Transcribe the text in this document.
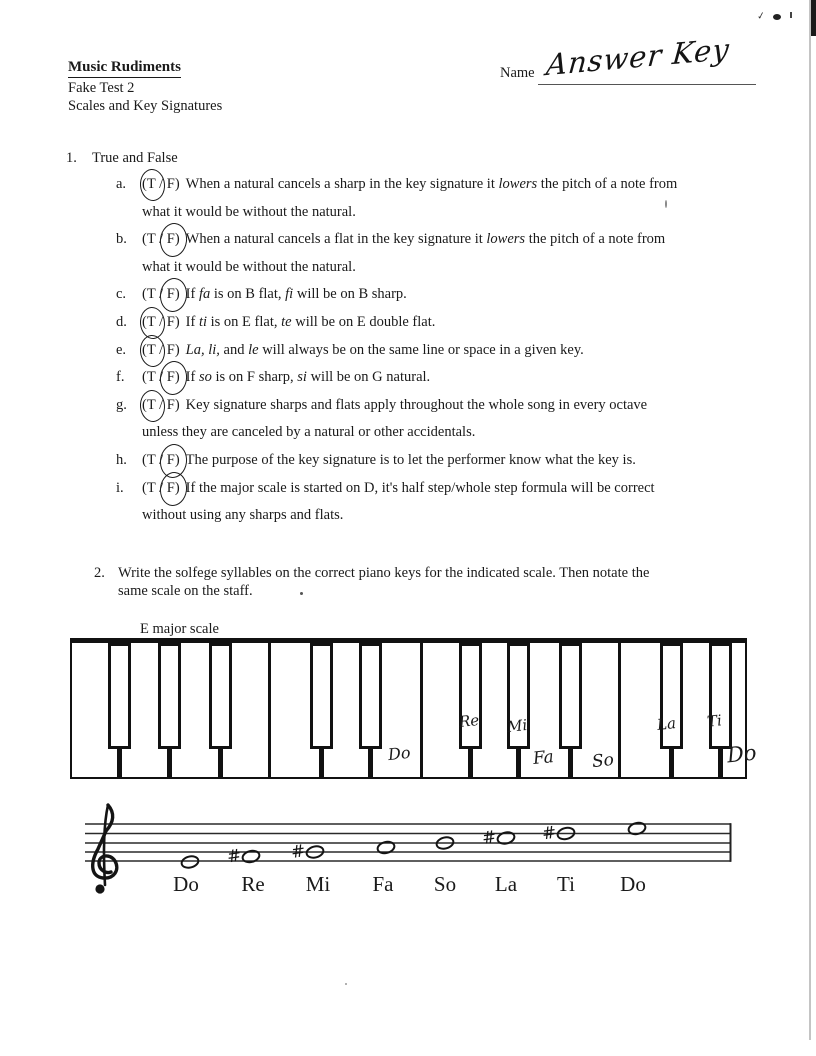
Music Rudiments
Fake Test 2
Scales and Key Signatures
Name Answer Key
1. True and False
a. (T / F) When a natural cancels a sharp in the key signature it lowers the pitch of a note from
what it would be without the natural.
b. (T / F) When a natural cancels a flat in the key signature it lowers the pitch of a note from
what it would be without the natural.
c. (T / F) If fa is on B flat, fi will be on B sharp.
d. (T / F) If ti is on E flat, te will be on E double flat.
e. (T / F) La, li, and le will always be on the same line or space in a given key.
f. (T / F) If so is on F sharp, si will be on G natural.
g. (T / F) Key signature sharps and flats apply throughout the whole song in every octave
unless they are canceled by a natural or other accidentals.
h. (T / F) The purpose of the key signature is to let the performer know what the key is.
i. (T / F) If the major scale is started on D, it's half step/whole step formula will be correct
without using any sharps and flats.
2. Write the solfege syllables on the correct piano keys for the indicated scale. Then notate the
same scale on the staff.
E major scale
Do
Re Mi
Fa So
La Ti
Do
#	#
#	#
Do Re Mi Fa So La Ti Do
✓
